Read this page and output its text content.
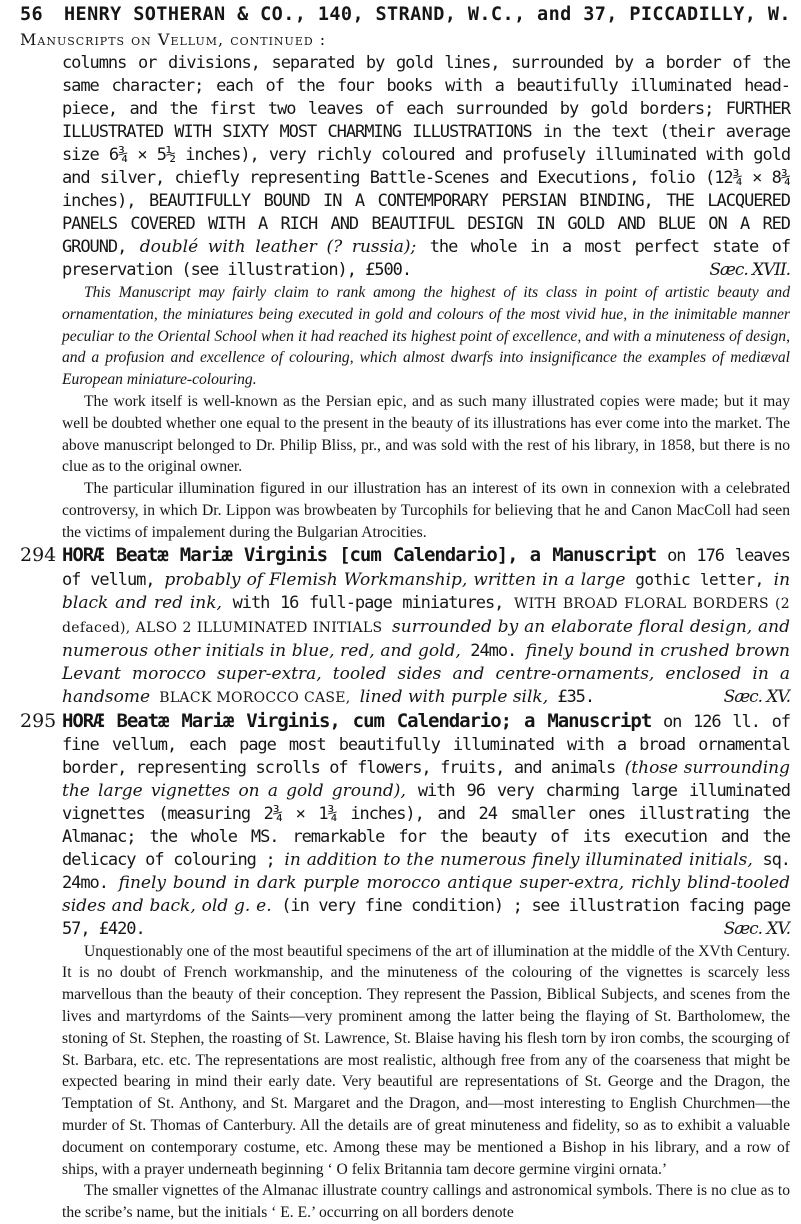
56 HENRY SOTHERAN & CO., 140, STRAND, W.C., and 37, PICCADILLY, W.
Manuscripts on Vellum, continued :
columns or divisions, separated by gold lines, surrounded by a border of the same character; each of the four books with a beautifully illuminated head-piece, and the first two leaves of each surrounded by gold borders; FURTHER ILLUSTRATED WITH SIXTY MOST CHARMING ILLUSTRATIONS in the text (their average size 6¾ × 5½ inches), very richly coloured and profusely illuminated with gold and silver, chiefly representing Battle-Scenes and Executions, folio (12¾ × 8¾ inches), BEAUTIFULLY BOUND IN A CONTEMPORARY PERSIAN BINDING, THE LACQUERED PANELS COVERED WITH A RICH AND BEAUTIFUL DESIGN IN GOLD AND BLUE ON A RED GROUND, doublé with leather (? russia); the whole in a most perfect state of preservation (see illustration), £500.	Sæc. XVII.

This Manuscript may fairly claim to rank among the highest of its class in point of artistic beauty and ornamentation, the miniatures being executed in gold and colours of the most vivid hue, in the inimitable manner peculiar to the Oriental School when it had reached its highest point of excellence, and with a minuteness of design, and a profusion and excellence of colouring, which almost dwarfs into insignificance the examples of mediæval European miniature-colouring.

The work itself is well-known as the Persian epic, and as such many illustrated copies were made; but it may well be doubted whether one equal to the present in the beauty of its illustrations has ever come into the market. The above manuscript belonged to Dr. Philip Bliss, pr., and was sold with the rest of his library, in 1858, but there is no clue as to the original owner.

The particular illumination figured in our illustration has an interest of its own in connexion with a celebrated controversy, in which Dr. Lippon was browbeaten by Turcophils for believing that he and Canon MacColl had seen the victims of impalement during the Bulgarian Atrocities.

294 HORÆ Beatæ Mariæ Virginis [cum Calendario], a Manuscript on 176 leaves of vellum, probably of Flemish Workmanship, written in a large gothic letter, in black and red ink, with 16 full-page miniatures, WITH BROAD FLORAL BORDERS (2 defaced), ALSO 2 ILLUMINATED INITIALS surrounded by an elaborate floral design, and numerous other initials in blue, red, and gold, 24mo. finely bound in crushed brown Levant morocco super-extra, tooled sides and centre-ornaments, enclosed in a handsome BLACK MOROCCO CASE, lined with purple silk, £35.	Sæc. XV.
295 HORÆ Beatæ Mariæ Virginis, cum Calendario; a Manuscript on 126 ll. of fine vellum, each page most beautifully illuminated with a broad ornamental border, representing scrolls of flowers, fruits, and animals (those surrounding the large vignettes on a gold ground), with 96 very charming large illuminated vignettes (measuring 2¾ × 1¾ inches), and 24 smaller ones illustrating the Almanac; the whole MS. remarkable for the beauty of its execution and the delicacy of colouring ; in addition to the numerous finely illuminated initials, sq. 24mo. finely bound in dark purple morocco antique super-extra, richly blind-tooled sides and back, old g. e. (in very fine condition) ; see illustration facing page 57, £420.	Sæc. XV.

Unquestionably one of the most beautiful specimens of the art of illumination at the middle of the XVth Century. It is no doubt of French workmanship, and the minuteness of the colouring of the vignettes is scarcely less marvellous than the beauty of their conception. They represent the Passion, Biblical Subjects, and scenes from the lives and martyrdoms of the Saints—very prominent among the latter being the flaying of St. Bartholomew, the stoning of St. Stephen, the roasting of St. Lawrence, St. Blaise having his flesh torn by iron combs, the scourging of St. Barbara, etc. etc. The representations are most realistic, although free from any of the coarseness that might be expected bearing in mind their early date. Very beautiful are representations of St. George and the Dragon, the Temptation of St. Anthony, and St. Margaret and the Dragon, and—most interesting to English Churchmen—the murder of St. Thomas of Canterbury. All the details are of great minuteness and fidelity, so as to exhibit a valuable document on contemporary costume, etc. Among these may be mentioned a Bishop in his library, and a row of ships, with a prayer underneath beginning ‘ O felix Britannia tam decore germine virgini ornata.’

The smaller vignettes of the Almanac illustrate country callings and astronomical symbols. There is no clue as to the scribe’s name, but the initials ‘ E. E.’ occurring on all borders denote
